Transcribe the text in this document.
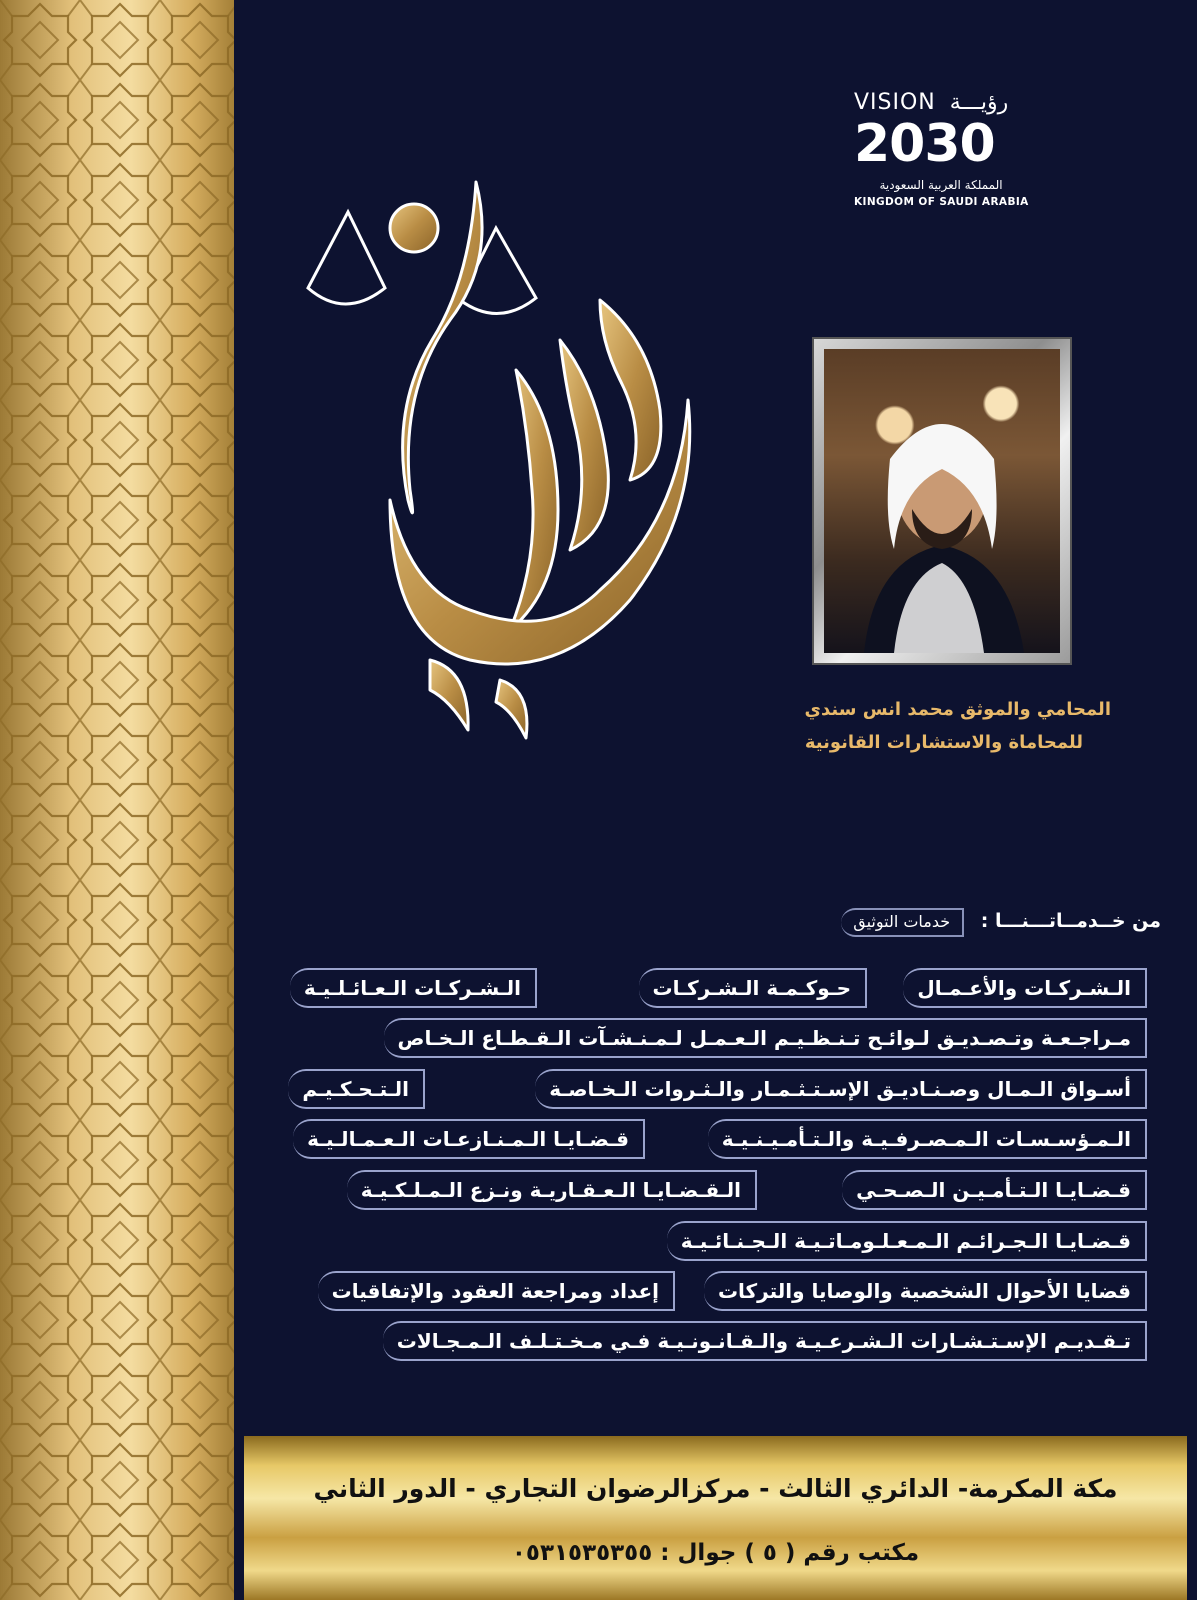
VISION رؤيـــة
2030
المملكة العربية السعودية
KINGDOM OF SAUDI ARABIA
المحامي والموثق محمد انس سندي
للمحاماة والاستشارات القانونية
من خــدمــاتـــنـــا : خدمات التوثيق
الـشـركـات والأعـمـال
حـوكـمـة الـشـركـات
الـشـركـات الـعـائـلـيـة
مـراجـعـة وتـصـديـق لـوائـح تـنـظـيـم الـعـمـل لـمـنـشـآت الـقـطـاع الـخـاص
أسـواق الـمـال وصـنـاديـق الإسـتـثـمـار والـثـروات الـخـاصـة
الـتـحـكـيـم
الـمـؤسـسـات الـمـصـرفـيـة والـتـأمـيـنـيـة
قـضـايـا الـمـنـازعـات الـعـمـالـيـة
قـضـايـا الـتـأمـيـن الـصـحـي
الـقـضـايـا الـعـقـاريـة ونـزع الـمـلـكـيـة
قـضـايـا الـجـرائـم الـمـعـلـومـاتـيـة الـجـنـائـيـة
قضايا الأحوال الشخصية والوصايا والتركات
إعداد ومراجعة العقود والإتفاقيات
تـقـديـم الإسـتـشـارات الـشـرعـيـة والـقـانـونـيـة فـي مـخـتـلـف الـمـجـالات
مكة المكرمة- الدائري الثالث - مركزالرضوان التجاري - الدور الثاني
مكتب رقم ( ٥ ) جوال : ٠٥٣١٥٣٥٣٥٥
